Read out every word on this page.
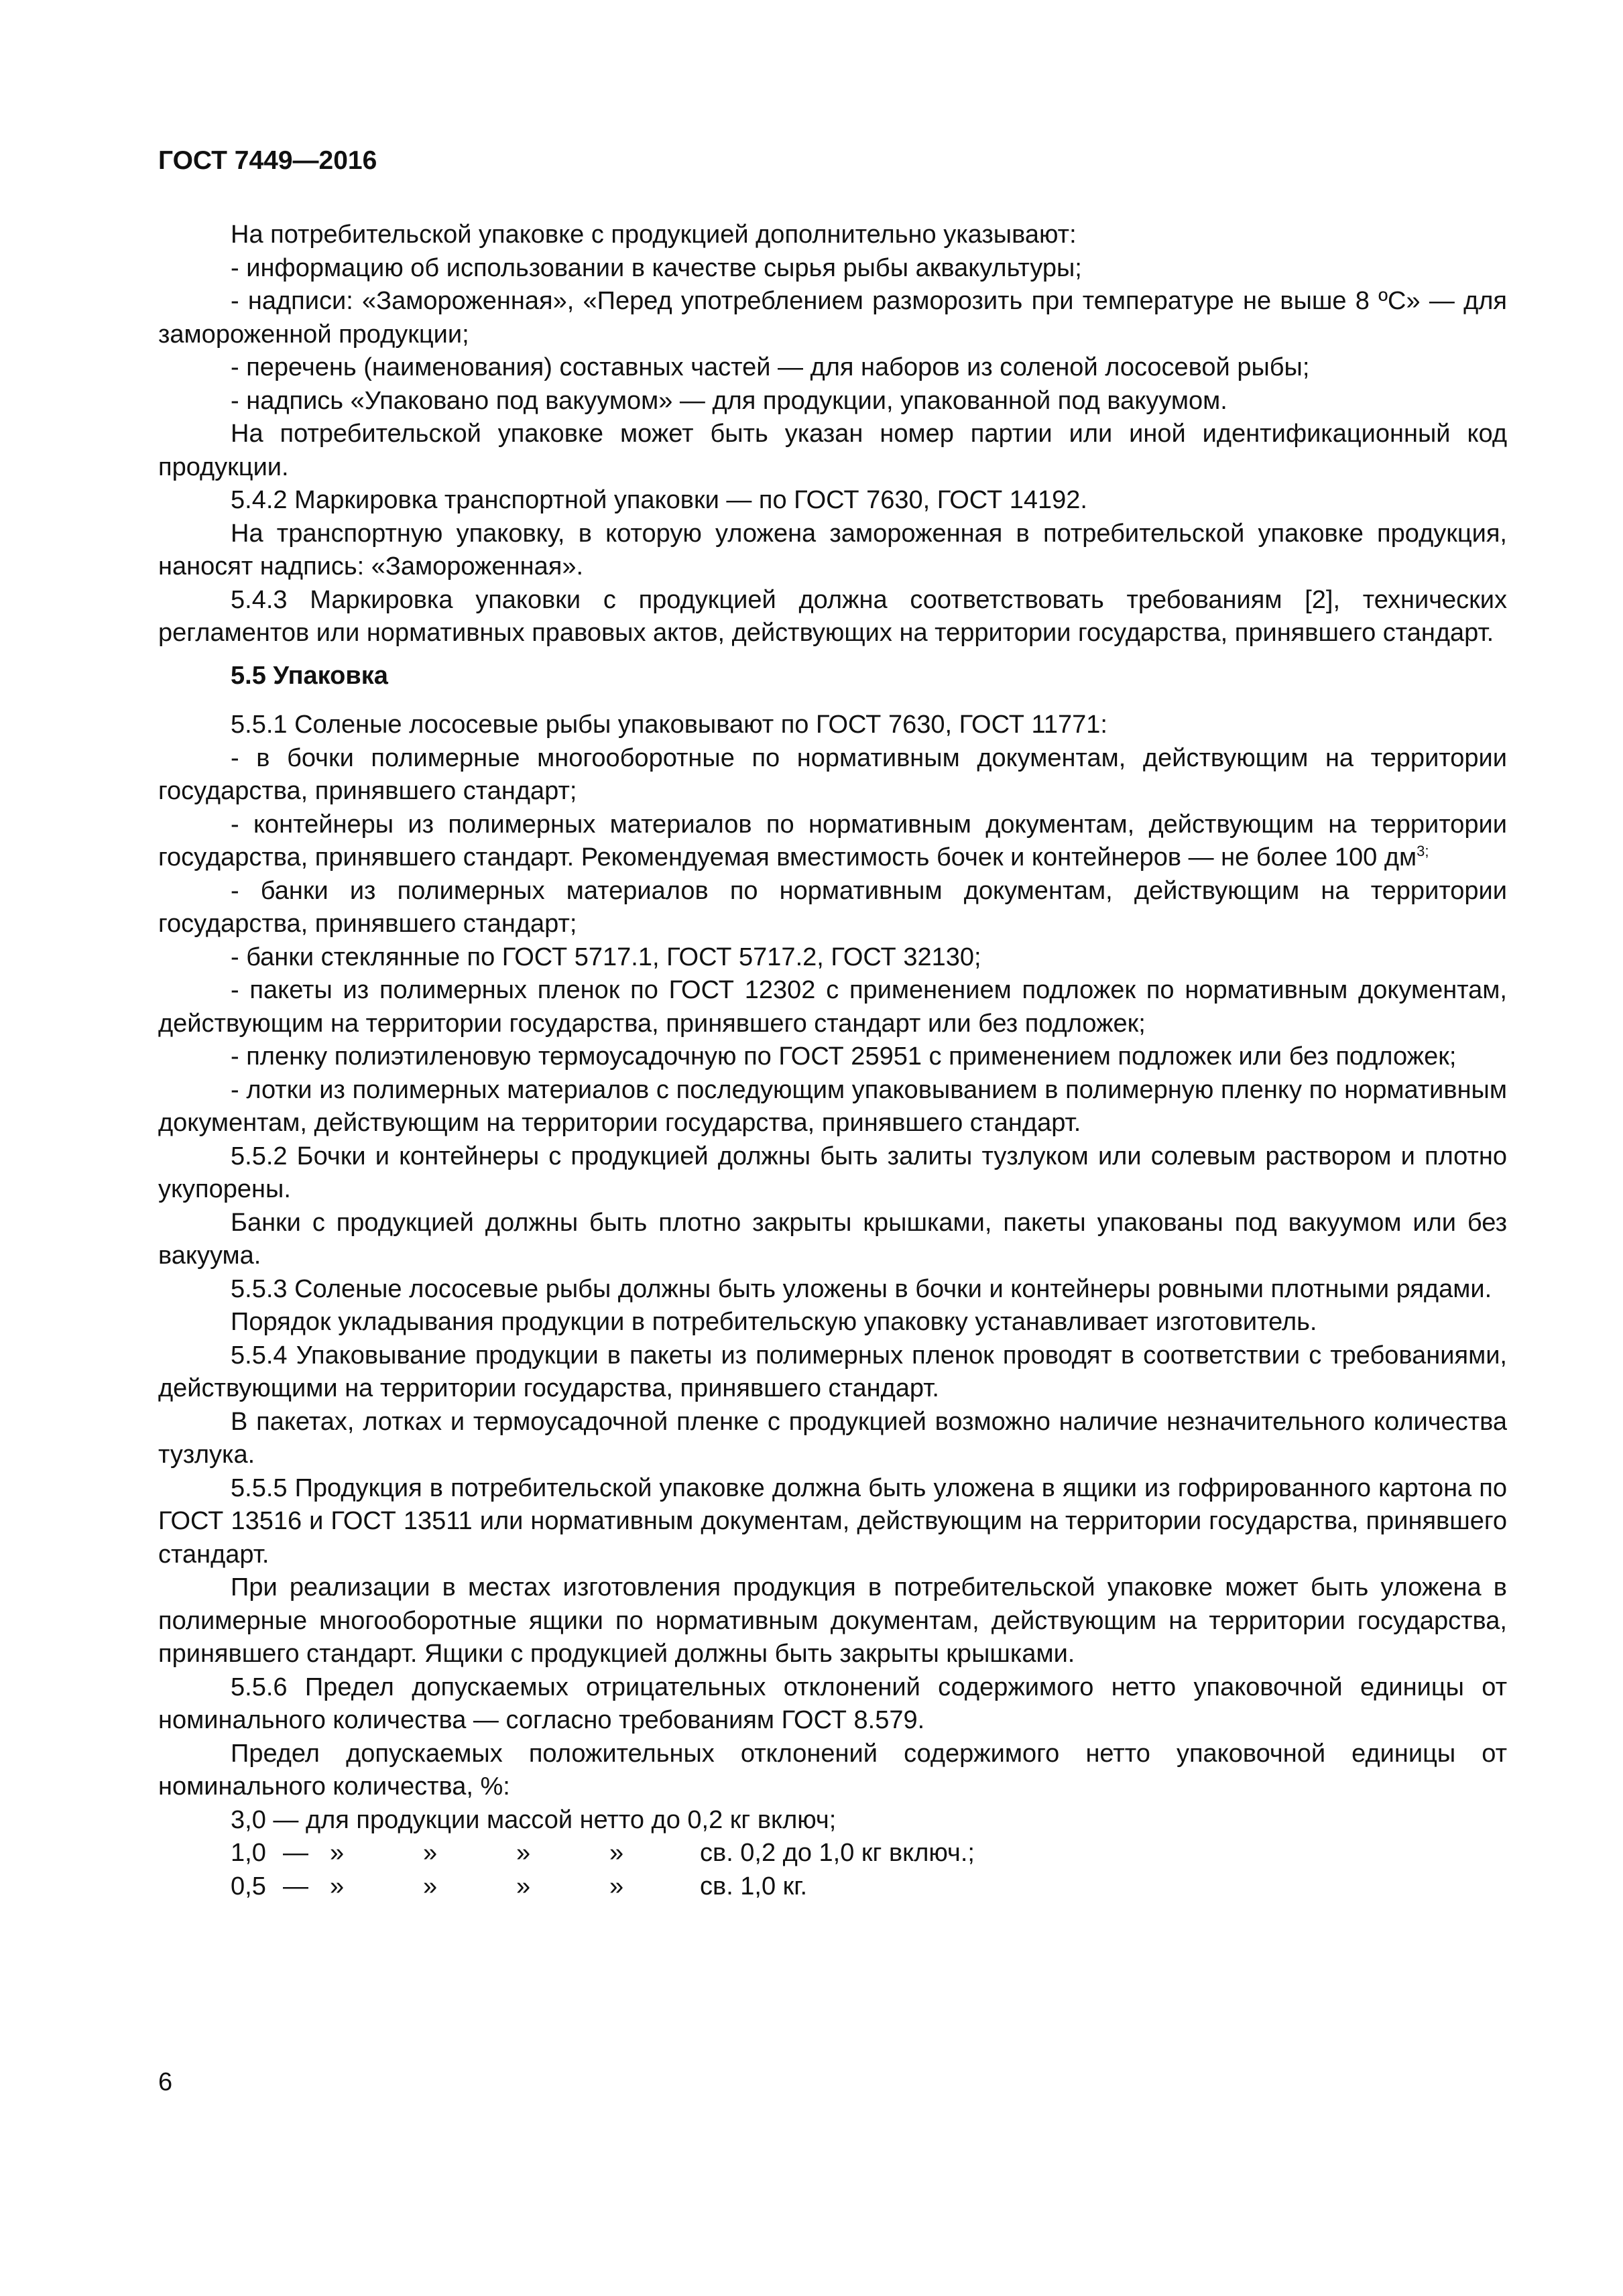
ГОСТ 7449—2016

На потребительской упаковке с продукцией дополнительно указывают:

- информацию об использовании в качестве сырья рыбы аквакультуры;

- надписи: «Замороженная», «Перед употреблением разморозить при температуре не выше 8 ºС» — для замороженной продукции;

- перечень (наименования) составных частей — для наборов из соленой лососевой рыбы;

- надпись «Упаковано под вакуумом» — для продукции, упакованной под вакуумом.

На потребительской упаковке может быть указан номер партии или иной идентификационный код продукции.

5.4.2 Маркировка транспортной упаковки — по ГОСТ 7630, ГОСТ 14192.

На транспортную упаковку, в которую уложена замороженная в потребительской упаковке продукция, наносят надпись: «Замороженная».

5.4.3 Маркировка упаковки с продукцией должна соответствовать требованиям [2], технических регламентов или нормативных правовых актов, действующих на территории государства, принявшего стандарт.

5.5 Упаковка

5.5.1 Соленые лососевые рыбы упаковывают по ГОСТ 7630, ГОСТ 11771:

- в бочки полимерные многооборотные по нормативным документам, действующим на территории государства, принявшего стандарт;

- контейнеры из полимерных материалов по нормативным документам, действующим на территории государства, принявшего стандарт. Рекомендуемая вместимость бочек и контейнеров — не более 100 $дм^{3;}$

- банки из полимерных материалов по нормативным документам, действующим на территории государства, принявшего стандарт;

- банки стеклянные по ГОСТ 5717.1, ГОСТ 5717.2, ГОСТ 32130;

- пакеты из полимерных пленок по ГОСТ 12302 с применением подложек по нормативным документам, действующим на территории государства, принявшего стандарт или без подложек;

- пленку полиэтиленовую термоусадочную по ГОСТ 25951 с применением подложек или без подложек;

- лотки из полимерных материалов с последующим упаковыванием в полимерную пленку по нормативным документам, действующим на территории государства, принявшего стандарт.

5.5.2 Бочки и контейнеры с продукцией должны быть залиты тузлуком или солевым раствором и плотно укупорены.

Банки с продукцией должны быть плотно закрыты крышками, пакеты упакованы под вакуумом или без вакуума.

5.5.3 Соленые лососевые рыбы должны быть уложены в бочки и контейнеры ровными плотными рядами.

Порядок укладывания продукции в потребительскую упаковку устанавливает изготовитель.

5.5.4 Упаковывание продукции в пакеты из полимерных пленок проводят в соответствии с требованиями, действующими на территории государства, принявшего стандарт.

В пакетах, лотках и термоусадочной пленке с продукцией возможно наличие незначительного количества тузлука.

5.5.5 Продукция в потребительской упаковке должна быть уложена в ящики из гофрированного картона по ГОСТ 13516 и ГОСТ 13511 или нормативным документам, действующим на территории государства, принявшего стандарт.

При реализации в местах изготовления продукция в потребительской упаковке может быть уложена в полимерные многооборотные ящики по нормативным документам, действующим на территории государства, принявшего стандарт. Ящики с продукцией должны быть закрыты крышками.

5.5.6 Предел допускаемых отрицательных отклонений содержимого нетто упаковочной единицы от номинального количества — согласно требованиям ГОСТ 8.579.

Предел допускаемых положительных отклонений содержимого нетто упаковочной единицы от номинального количества, %:

3,0 — для продукции массой нетто до 0,2 кг включ;
1,0 — »	»	»	»	св. 0,2 до 1,0 кг включ.;
0,5 — »	»	»	»	св. 1,0 кг.
6
